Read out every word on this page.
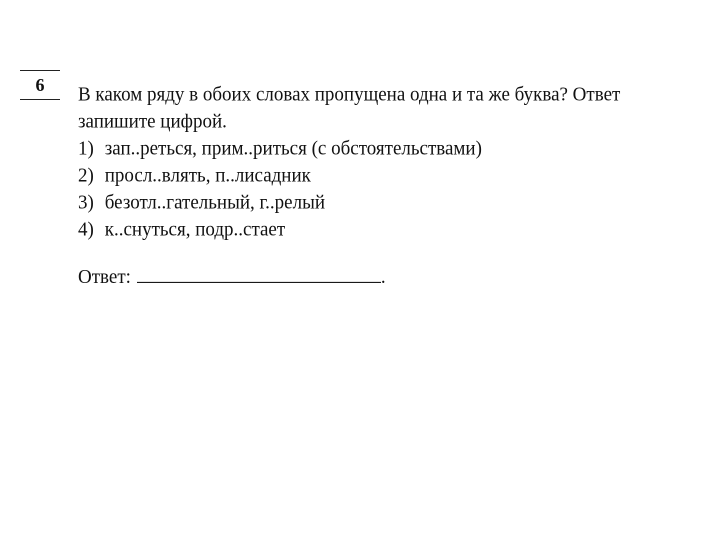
6	В каком ряду в обоих словах пропущена одна и та же буква? Ответ запишите цифрой.

1) зап..реться, прим..риться (с обстоятельствами)
2) просл..влять, п..лисадник
3) безотл..гательный, г..релый
4) к..снуться, подр..стает
Ответ:	.
